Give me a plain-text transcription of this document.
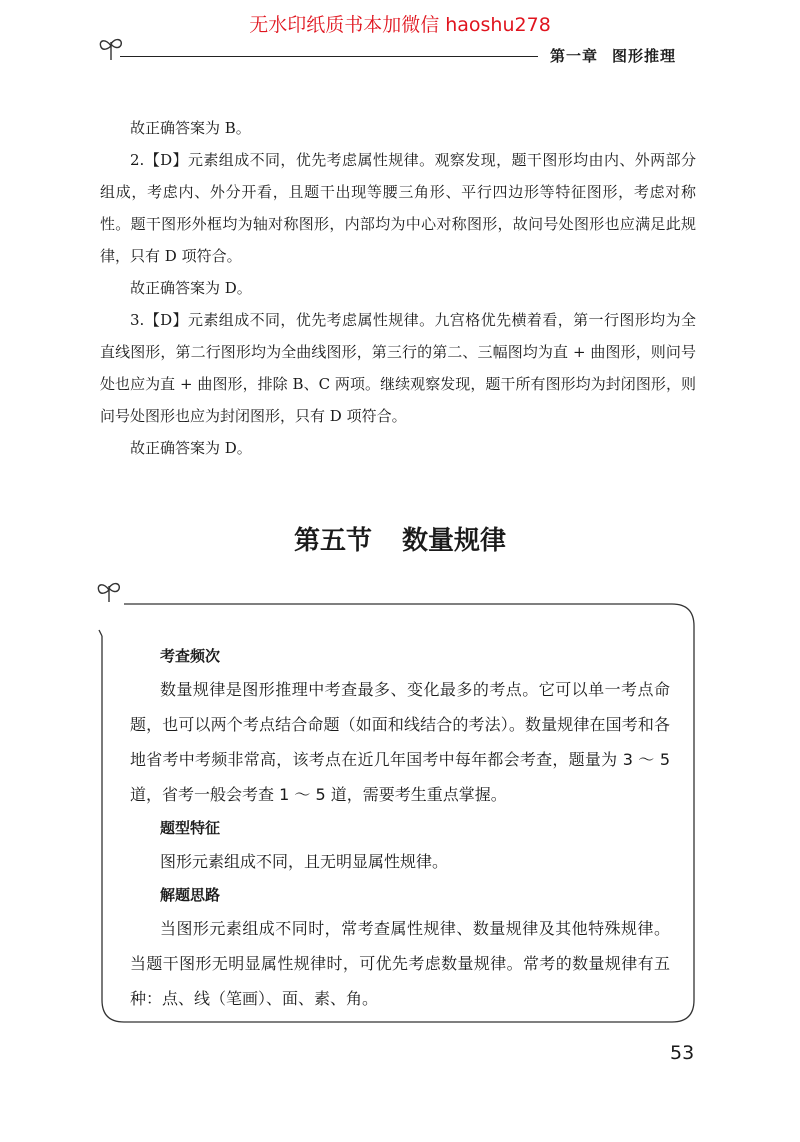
无水印纸质书本加微信 haoshu278
第一章 图形推理

故正确答案为 B。

2.【D】元素组成不同，优先考虑属性规律。观察发现，题干图形均由内、外两部分组成，考虑内、外分开看，且题干出现等腰三角形、平行四边形等特征图形，考虑对称性。题干图形外框均为轴对称图形，内部均为中心对称图形，故问号处图形也应满足此规律，只有 D 项符合。

故正确答案为 D。

3.【D】元素组成不同，优先考虑属性规律。九宫格优先横着看，第一行图形均为全直线图形，第二行图形均为全曲线图形，第三行的第二、三幅图均为直 + 曲图形，则问号处也应为直 + 曲图形，排除 B、C 两项。继续观察发现，题干所有图形均为封闭图形，则问号处图形也应为封闭图形，只有 D 项符合。

故正确答案为 D。

第五节 数量规律
考查频次

数量规律是图形推理中考查最多、变化最多的考点。它可以单一考点命题，也可以两个考点结合命题（如面和线结合的考法）。数量规律在国考和各地省考中考频非常高，该考点在近几年国考中每年都会考查，题量为 3 ～ 5 道，省考一般会考查 1 ～ 5 道，需要考生重点掌握。

题型特征

图形元素组成不同，且无明显属性规律。

解题思路

当图形元素组成不同时，常考查属性规律、数量规律及其他特殊规律。当题干图形无明显属性规律时，可优先考虑数量规律。常考的数量规律有五种：点、线（笔画）、面、素、角。

53
